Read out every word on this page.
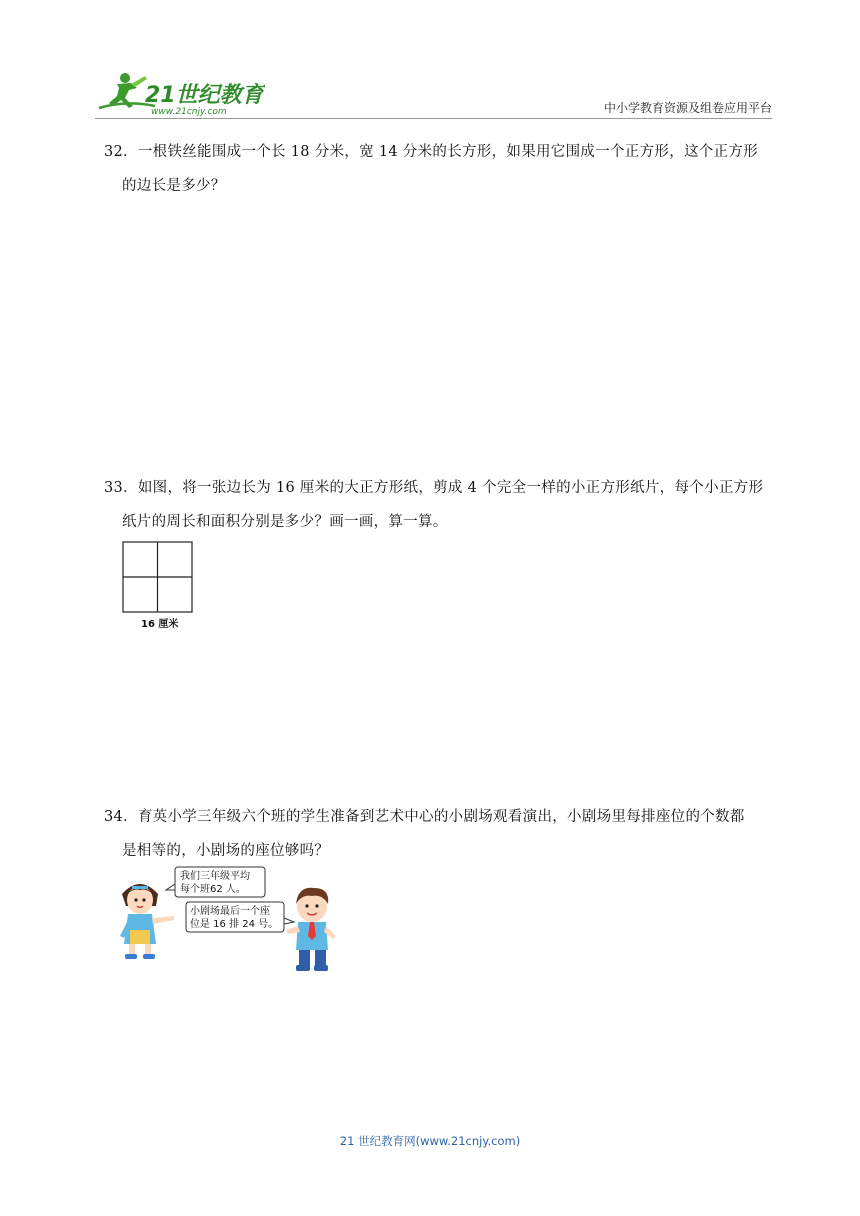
21世纪教育
www.21cnjy.com	中小学教育资源及组卷应用平台
32．一根铁丝能围成一个长 18 分米，宽 14 分米的长方形，如果用它围成一个正方形，这个正方形
的边长是多少？
33．如图，将一张边长为 16 厘米的大正方形纸，剪成 4 个完全一样的小正方形纸片，每个小正方形
纸片的周长和面积分别是多少？画一画，算一算。
16 厘米
34．育英小学三年级六个班的学生准备到艺术中心的小剧场观看演出，小剧场里每排座位的个数都
是相等的，小剧场的座位够吗？
我们三年级平均
每个班62 人。
小剧场最后一个座
位是 16 排 24 号。
21 世纪教育网(www.21cnjy.com)
